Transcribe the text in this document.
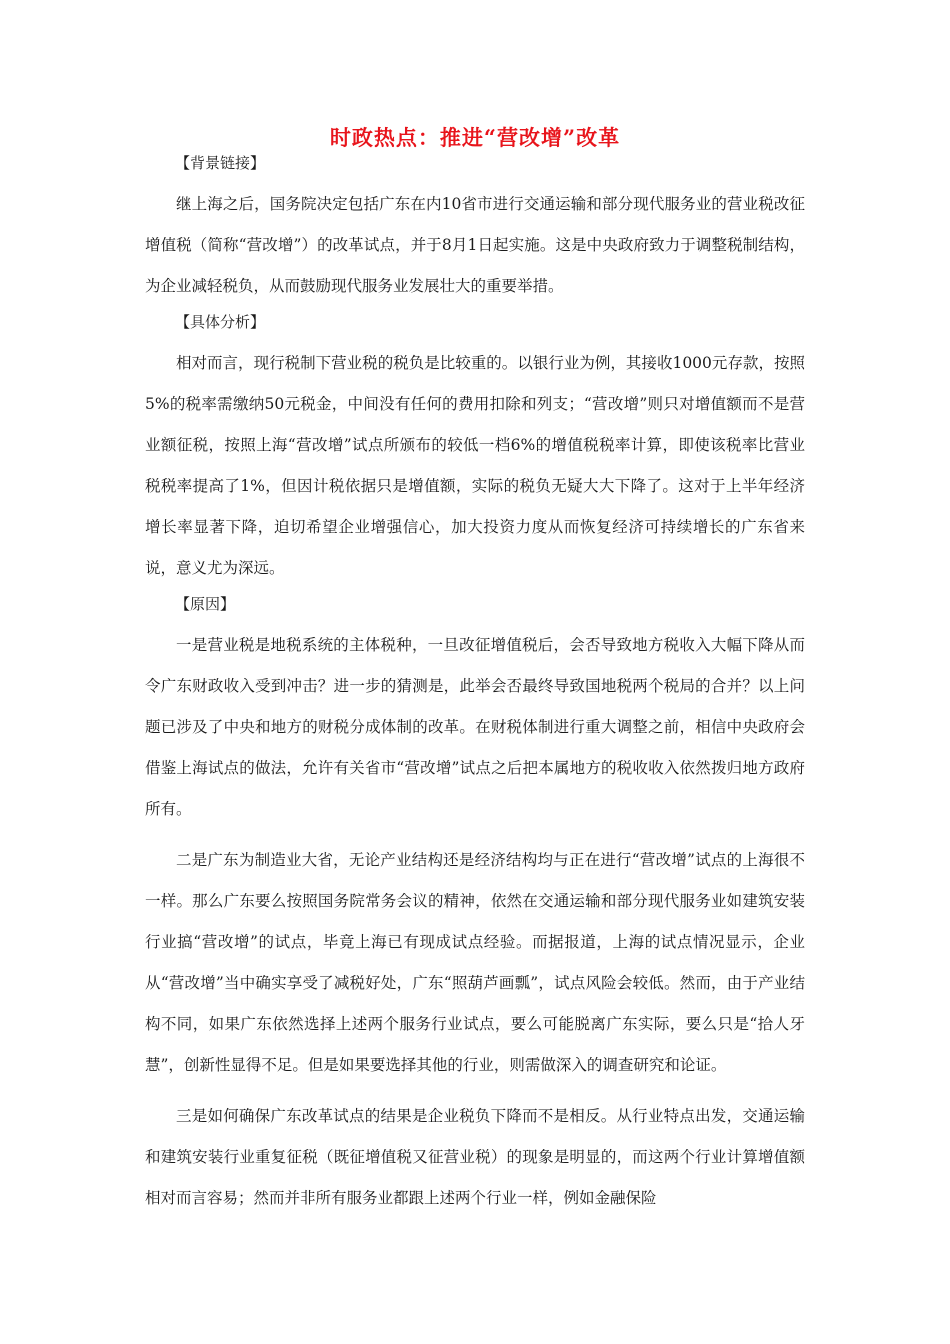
时政热点：推进“营改增”改革
【背景链接】

继上海之后，国务院决定包括广东在内10省市进行交通运输和部分现代服务业的营业税改征增值税（简称“营改增”）的改革试点，并于8月1日起实施。这是中央政府致力于调整税制结构，为企业减轻税负，从而鼓励现代服务业发展壮大的重要举措。

【具体分析】

相对而言，现行税制下营业税的税负是比较重的。以银行业为例，其接收1000元存款，按照5%的税率需缴纳50元税金，中间没有任何的费用扣除和列支；“营改增”则只对增值额而不是营业额征税，按照上海“营改增”试点所颁布的较低一档6%的增值税税率计算，即使该税率比营业税税率提高了1%，但因计税依据只是增值额，实际的税负无疑大大下降了。这对于上半年经济增长率显著下降，迫切希望企业增强信心，加大投资力度从而恢复经济可持续增长的广东省来说，意义尤为深远。

【原因】

一是营业税是地税系统的主体税种，一旦改征增值税后，会否导致地方税收入大幅下降从而令广东财政收入受到冲击？进一步的猜测是，此举会否最终导致国地税两个税局的合并？以上问题已涉及了中央和地方的财税分成体制的改革。在财税体制进行重大调整之前，相信中央政府会借鉴上海试点的做法，允许有关省市“营改增”试点之后把本属地方的税收收入依然拨归地方政府所有。

二是广东为制造业大省，无论产业结构还是经济结构均与正在进行“营改增”试点的上海很不一样。那么广东要么按照国务院常务会议的精神，依然在交通运输和部分现代服务业如建筑安装行业搞“营改增”的试点，毕竟上海已有现成试点经验。而据报道，上海的试点情况显示，企业从“营改增”当中确实享受了减税好处，广东“照葫芦画瓢”，试点风险会较低。然而，由于产业结构不同，如果广东依然选择上述两个服务行业试点，要么可能脱离广东实际，要么只是“拾人牙慧”，创新性显得不足。但是如果要选择其他的行业，则需做深入的调查研究和论证。

三是如何确保广东改革试点的结果是企业税负下降而不是相反。从行业特点出发，交通运输和建筑安装行业重复征税（既征增值税又征营业税）的现象是明显的，而这两个行业计算增值额相对而言容易；然而并非所有服务业都跟上述两个行业一样，例如金融保险
